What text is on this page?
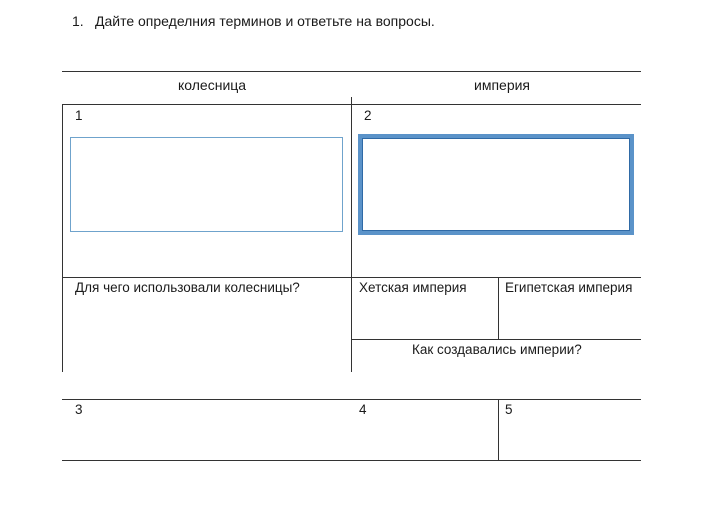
1. Дайте определния терминов и ответьте на вопросы.
колесница	империя
1	2
Для чего использовали колесницы?	Хетская империя	Египетская империя
Как создавались империи?
3	4	5
